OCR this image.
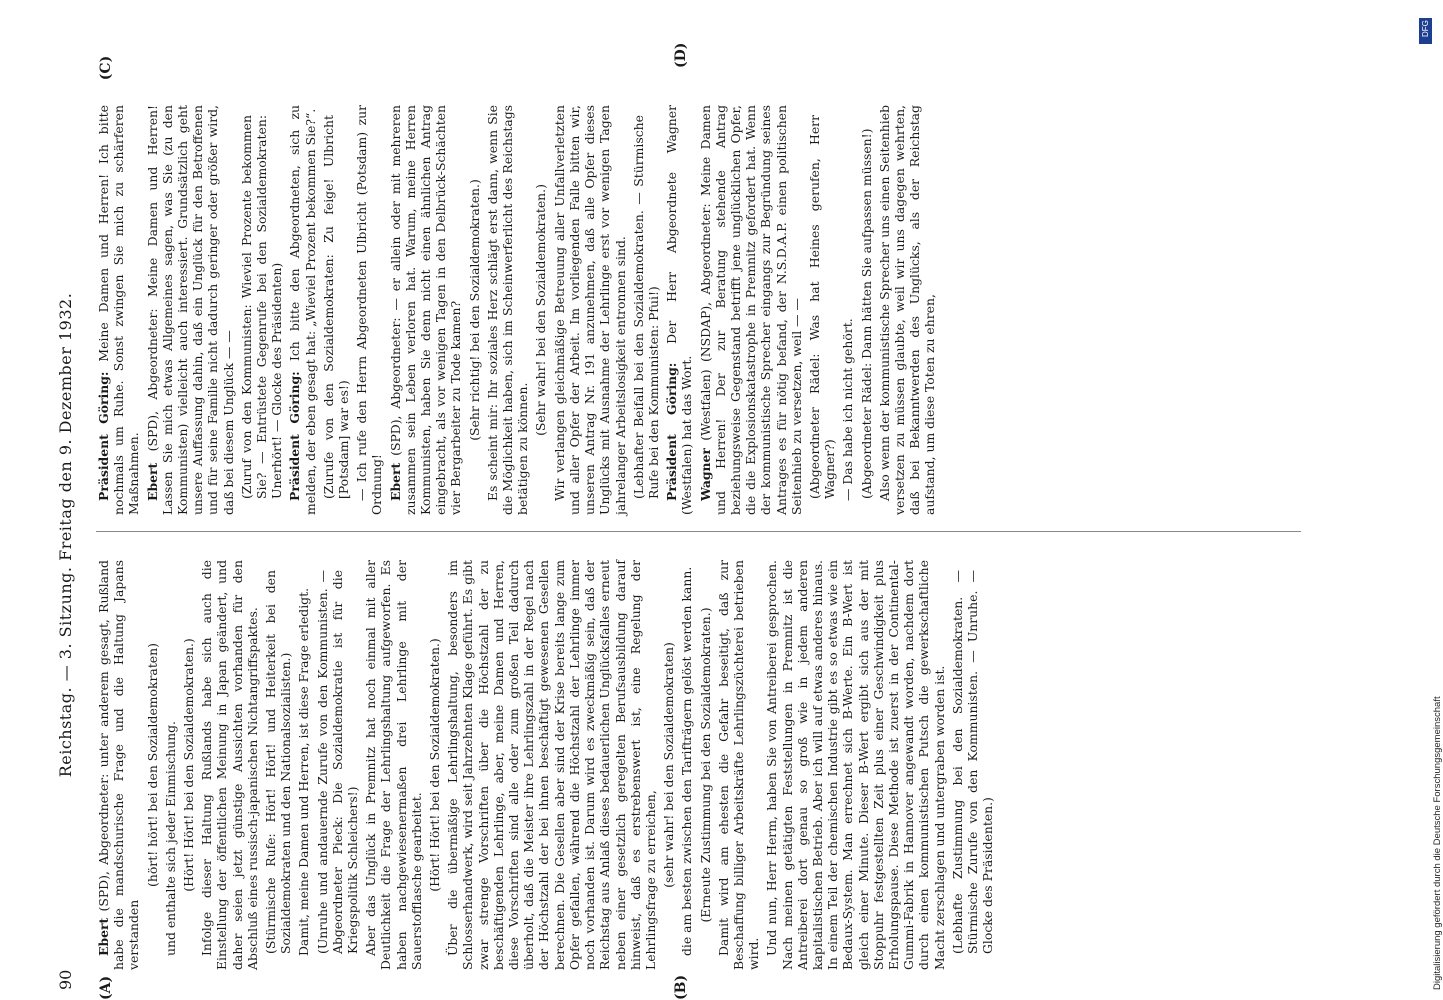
90
Reichstag. — 3. Sitzung. Freitag den 9. Dezember 1932.
(A)	(B)
(C)	(D)

Ebert (SPD), Abgeordneter: unter anderem gesagt, Rußland habe die mandschurische Frage und die Haltung Japans verstanden

(hört! hört! bei den Sozialdemokraten) und enthalte sich jeder Einmischung. (Hört! Hört! bei den Sozialdemokraten.) Infolge dieser Haltung Rußlands habe sich auch die Einstellung der öffentlichen Meinung in Japan geändert, und daher seien jetzt günstige Aussichten vorhanden für den Abschluß eines russisch-japanischen Nichtangriffspaktes. (Stürmische Rufe: Hört! Hört! und Heiterkeit bei den Sozialdemokraten und den Nationalsozialisten.) Damit, meine Damen und Herren, ist diese Frage erledigt. (Unruhe und andauernde Zurufe von den Kommunisten. — Abgeordneter Pieck: Die Sozialdemokratie ist für die Kriegspolitik Schleichers!) Aber das Unglück in Premnitz hat noch einmal mit aller Deutlichkeit die Frage der Lehrlingshaltung aufgeworfen. Es haben nachgewiesenermaßen drei Lehrlinge mit der Sauerstofflasche gearbeitet. (Hört! Hört! bei den Sozialdemokraten.) Über die übermäßige Lehrlingshaltung, besonders im Schlosserhandwerk, wird seit Jahrzehnten Klage geführt. Es gibt zwar strenge Vorschriften über die Höchstzahl der zu beschäftigenden Lehrlinge, aber, meine Damen und Herren, diese Vorschriften sind alle oder zum großen Teil dadurch überholt, daß die Meister ihre Lehrlingszahl in der Regel nach der Höchstzahl der bei ihnen beschäftigt gewesenen Gesellen berechnen. Die Gesellen aber sind der Krise bereits lange zum Opfer gefallen, während die Höchstzahl der Lehrlinge immer noch vorhanden ist. Darum wird es zweckmäßig sein, daß der Reichstag aus Anlaß dieses bedauerlichen Unglücksfalles erneut neben einer gesetzlich geregelten Berufsausbildung darauf hinweist, daß es erstrebenswert ist, eine Regelung der Lehrlingsfrage zu erreichen, (sehr wahr! bei den Sozialdemokraten) die am besten zwischen den Tarifträgern gelöst werden kann. (Erneute Zustimmung bei den Sozialdemokraten.) Damit wird am ehesten die Gefahr beseitigt, daß zur Beschaffung billiger Arbeitskräfte Lehrlingszüchterei betrieben wird. Und nun, Herr Herm, haben Sie von Antreiberei gesprochen. Nach meinen getätigten Feststellungen in Premnitz ist die Antreiberei dort genau so groß wie in jedem anderen kapitalistischen Betrieb. Aber ich will auf etwas anderes hinaus. In einem Teil der chemischen Industrie gibt es so etwas wie ein Bedaux-System. Man errechnet sich B-Werte. Ein B-Wert ist gleich einer Minute. Dieser B-Wert ergibt sich aus der mit Stoppuhr festgestellten Zeit plus einer Geschwindigkeit plus Erholungspause. Diese Methode ist zuerst in der Continental-Gummi-Fabrik in Hannover angewandt worden, nachdem dort durch einen kommunistischen Putsch die gewerkschaftliche Macht zerschlagen und untergraben worden ist. (Lebhafte Zustimmung bei den Sozialdemokraten. — Stürmische Zurufe von den Kommunisten. — Unruhe. — Glocke des Präsidenten.)

Präsident Göring: Meine Damen und Herren! Ich bitte nochmals um Ruhe. Sonst zwingen Sie mich zu schärferen Maßnahmen. Ebert (SPD), Abgeordneter: Meine Damen und Herren! Lassen Sie mich etwas Allgemeines sagen, was Sie (zu den Kommunisten) vielleicht auch interessiert. Grundsätzlich geht unsere Auffassung dahin, daß ein Unglück für den Betroffenen und für seine Familie nicht dadurch geringer oder größer wird, daß bei diesem Unglück — — (Zuruf von den Kommunisten: Wieviel Prozente bekommen Sie? — Entrüstete Gegenrufe bei den Sozialdemokraten: Unerhört! — Glocke des Präsidenten) Präsident Göring: Ich bitte den Abgeordneten, sich zu melden, der eben gesagt hat: „Wieviel Prozent bekommen Sie?“. (Zurufe von den Sozialdemokraten: Zu feige! Ulbricht [Potsdam] war es!) — Ich rufe den Herrn Abgeordneten Ulbricht (Potsdam) zur Ordnung! Ebert (SPD), Abgeordneter: — er allein oder mit mehreren zusammen sein Leben verloren hat. Warum, meine Herren Kommunisten, haben Sie denn nicht einen ähnlichen Antrag eingebracht, als vor wenigen Tagen in den Delbrück-Schächten vier Bergarbeiter zu Tode kamen? (Sehr richtig! bei den Sozialdemokraten.) Es scheint mir: Ihr soziales Herz schlägt erst dann, wenn Sie die Möglichkeit haben, sich im Scheinwerferlicht des Reichstags betätigen zu können.

(Sehr wahr! bei den Sozialdemokraten.) Wir verlangen gleichmäßige Betreuung aller Unfallverletzten und aller Opfer der Arbeit. Im vorliegenden Falle bitten wir, unseren Antrag Nr. 191 anzunehmen, daß alle Opfer dieses Unglücks mit Ausnahme der Lehrlinge erst vor wenigen Tagen jahrelanger Arbeitslosigkeit entronnen sind. (Lebhafter Beifall bei den Sozialdemokraten. — Stürmische Rufe bei den Kommunisten: Pfui!) Präsident Göring: Der Herr Abgeordnete Wagner (Westfalen) hat das Wort. Wagner (Westfalen) (NSDAP), Abgeordneter: Meine Damen und Herren! Der zur Beratung stehende Antrag beziehungsweise Gegenstand betrifft jene unglücklichen Opfer, die die Explosionskatastrophe in Premnitz gefordert hat. Wenn der kommunistische Sprecher eingangs zur Begründung seines Antrages es für nötig befand, der N.S.D.A.P. einen politischen Seitenhieb zu versetzen, weil — — (Abgeordneter Rädel: Was hat Heines gerufen, Herr Wagner?) — Das habe ich nicht gehört. (Abgeordneter Rädel: Dann hätten Sie aufpassen müssen!) Also wenn der kommunistische Sprecher uns einen Seitenhieb versetzen zu müssen glaubte, weil wir uns dagegen wehrten, daß bei Bekanntwerden des Unglücks, als der Reichstag aufstand, um diese Toten zu ehren,

DFG
Digitalisierung gefördert durch die Deutsche Forschungsgemeinschaft
